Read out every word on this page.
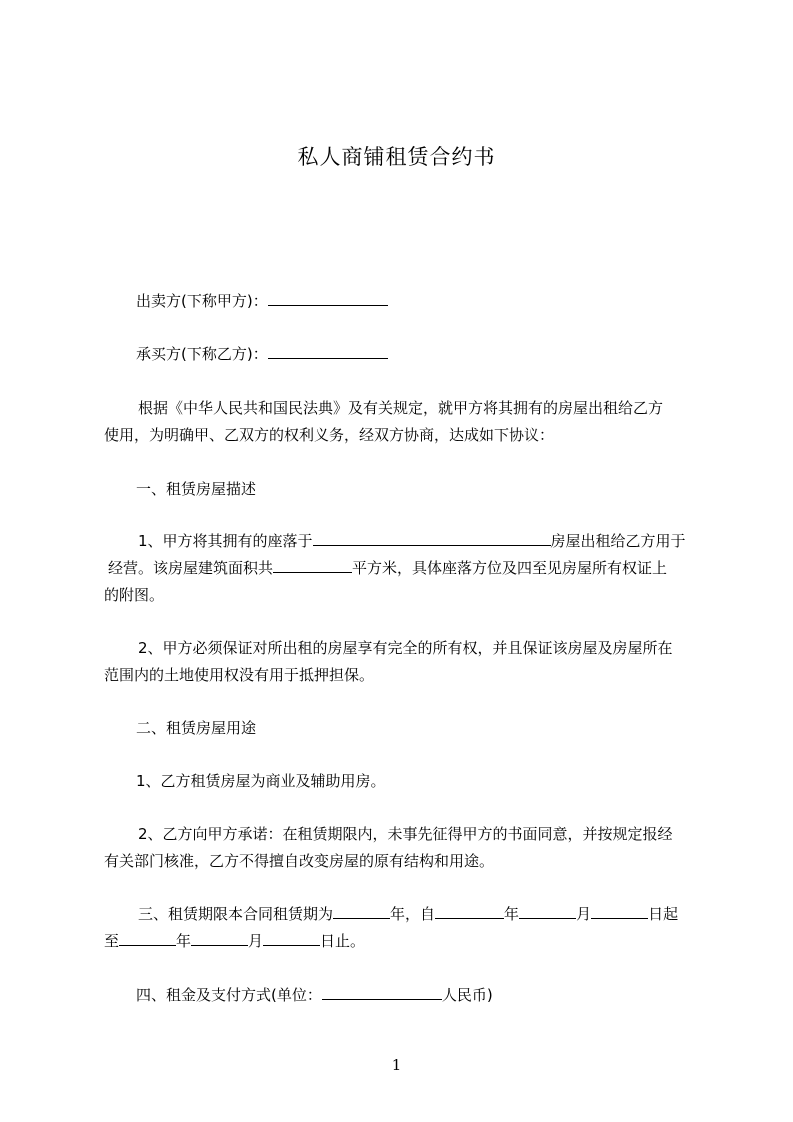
私人商铺租赁合约书
出卖方(下称甲方)：
承买方(下称乙方)：
根据《中华人民共和国民法典》及有关规定，就甲方将其拥有的房屋出租给乙方
使用，为明确甲、乙双方的权利义务，经双方协商，达成如下协议：
一、租赁房屋描述
1、甲方将其拥有的座落于	房屋出租给乙方用于
经营。该房屋建筑面积共	平方米，具体座落方位及四至见房屋所有权证上
的附图。
2、甲方必须保证对所出租的房屋享有完全的所有权，并且保证该房屋及房屋所在
范围内的土地使用权没有用于抵押担保。
二、租赁房屋用途
1、乙方租赁房屋为商业及辅助用房。
2、乙方向甲方承诺：在租赁期限内，未事先征得甲方的书面同意，并按规定报经
有关部门核准，乙方不得擅自改变房屋的原有结构和用途。
三、租赁期限本合同租赁期为	年，自	年	月	日起
至	年	月	日止。
四、租金及支付方式(单位：	人民币)
1
